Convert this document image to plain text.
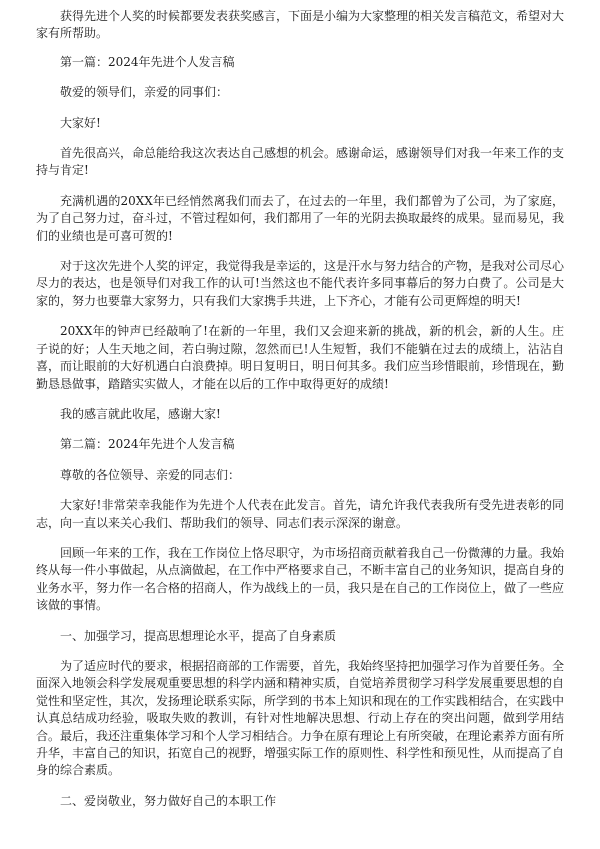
获得先进个人奖的时候都要发表获奖感言，下面是小编为大家整理的相关发言稿范文，希望对大家有所帮助。

第一篇：2024年先进个人发言稿

敬爱的领导们，亲爱的同事们：

大家好!

首先很高兴，命总能给我这次表达自己感想的机会。感谢命运，感谢领导们对我一年来工作的支持与肯定!

充满机遇的20XX年已经悄然离我们而去了，在过去的一年里，我们都曾为了公司，为了家庭，为了自己努力过，奋斗过，不管过程如何，我们都用了一年的光阴去换取最终的成果。显而易见，我们的业绩也是可喜可贺的!

对于这次先进个人奖的评定，我觉得我是幸运的，这是汗水与努力结合的产物，是我对公司尽心尽力的表达，也是领导们对我工作的认可!当然这也不能代表许多同事幕后的努力白费了。公司是大家的，努力也要靠大家努力，只有我们大家携手共进，上下齐心，才能有公司更辉煌的明天!

20XX年的钟声已经敲响了!在新的一年里，我们又会迎来新的挑战，新的机会，新的人生。庄子说的好；人生天地之间，若白驹过隙，忽然而已!人生短暂，我们不能躺在过去的成绩上，沾沾自喜，而让眼前的大好机遇白白浪费掉。明日复明日，明日何其多。我们应当珍惜眼前，珍惜现在，勤勤恳恳做事，踏踏实实做人，才能在以后的工作中取得更好的成绩!

我的感言就此收尾，感谢大家!

第二篇：2024年先进个人发言稿

尊敬的各位领导、亲爱的同志们：

大家好!非常荣幸我能作为先进个人代表在此发言。首先，请允许我代表我所有受先进表彰的同志，向一直以来关心我们、帮助我们的领导、同志们表示深深的谢意。

回顾一年来的工作，我在工作岗位上恪尽职守，为市场招商贡献着我自己一份微薄的力量。我始终从每一件小事做起，从点滴做起，在工作中严格要求自己，不断丰富自己的业务知识，提高自身的业务水平，努力作一名合格的招商人，作为战线上的一员，我只是在自己的工作岗位上，做了一些应该做的事情。

一、加强学习，提高思想理论水平，提高了自身素质

为了适应时代的要求，根据招商部的工作需要，首先，我始终坚持把加强学习作为首要任务。全面深入地领会科学发展观重要思想的科学内涵和精神实质，自觉培养贯彻学习科学发展重要思想的自觉性和坚定性，其次，发扬理论联系实际，所学到的书本上知识和现在的工作实践相结合，在实践中认真总结成功经验，吸取失败的教训，有针对性地解决思想、行动上存在的突出问题，做到学用结合。最后，我还注重集体学习和个人学习相结合。力争在原有理论上有所突破，在理论素养方面有所升华，丰富自己的知识，拓宽自己的视野，增强实际工作的原则性、科学性和预见性，从而提高了自身的综合素质。

二、爱岗敬业，努力做好自己的本职工作
